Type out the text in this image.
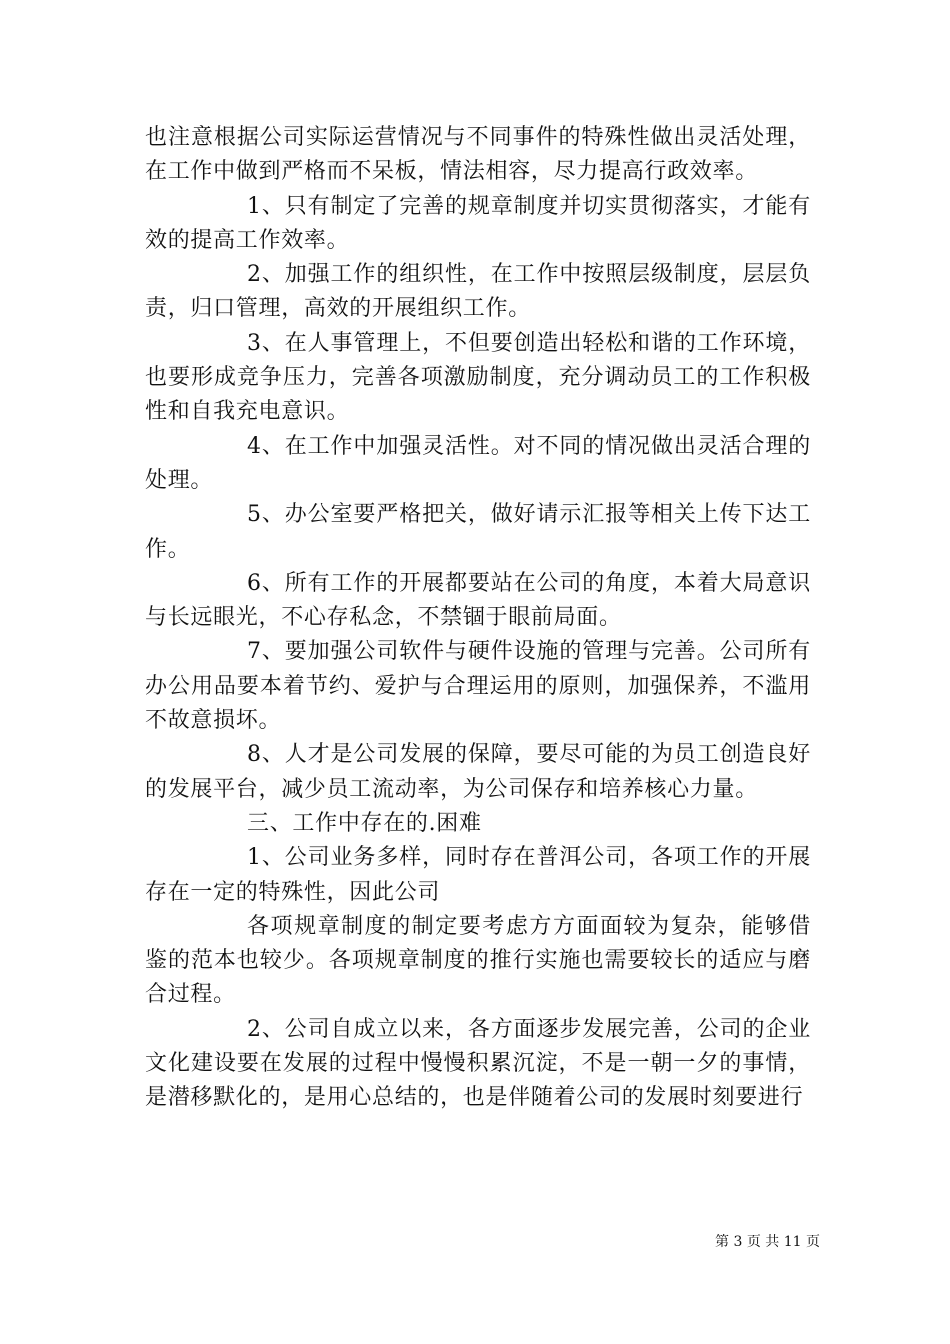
也注意根据公司实际运营情况与不同事件的特殊性做出灵活处理，在工作中做到严格而不呆板，情法相容，尽力提高行政效率。

1、只有制定了完善的规章制度并切实贯彻落实，才能有效的提高工作效率。

2、加强工作的组织性，在工作中按照层级制度，层层负责，归口管理，高效的开展组织工作。

3、在人事管理上，不但要创造出轻松和谐的工作环境，也要形成竞争压力，完善各项激励制度，充分调动员工的工作积极性和自我充电意识。

4、在工作中加强灵活性。对不同的情况做出灵活合理的处理。

5、办公室要严格把关，做好请示汇报等相关上传下达工作。

6、所有工作的开展都要站在公司的角度，本着大局意识与长远眼光，不心存私念，不禁锢于眼前局面。

7、要加强公司软件与硬件设施的管理与完善。公司所有办公用品要本着节约、爱护与合理运用的原则，加强保养，不滥用不故意损坏。

8、人才是公司发展的保障，要尽可能的为员工创造良好的发展平台，减少员工流动率，为公司保存和培养核心力量。

三、工作中存在的.困难

1、公司业务多样，同时存在普洱公司，各项工作的开展存在一定的特殊性，因此公司

各项规章制度的制定要考虑方方面面较为复杂，能够借鉴的范本也较少。各项规章制度的推行实施也需要较长的适应与磨合过程。

2、公司自成立以来，各方面逐步发展完善，公司的企业文化建设要在发展的过程中慢慢积累沉淀，不是一朝一夕的事情，是潜移默化的，是用心总结的，也是伴随着公司的发展时刻要进行

第 3 页 共 11 页
